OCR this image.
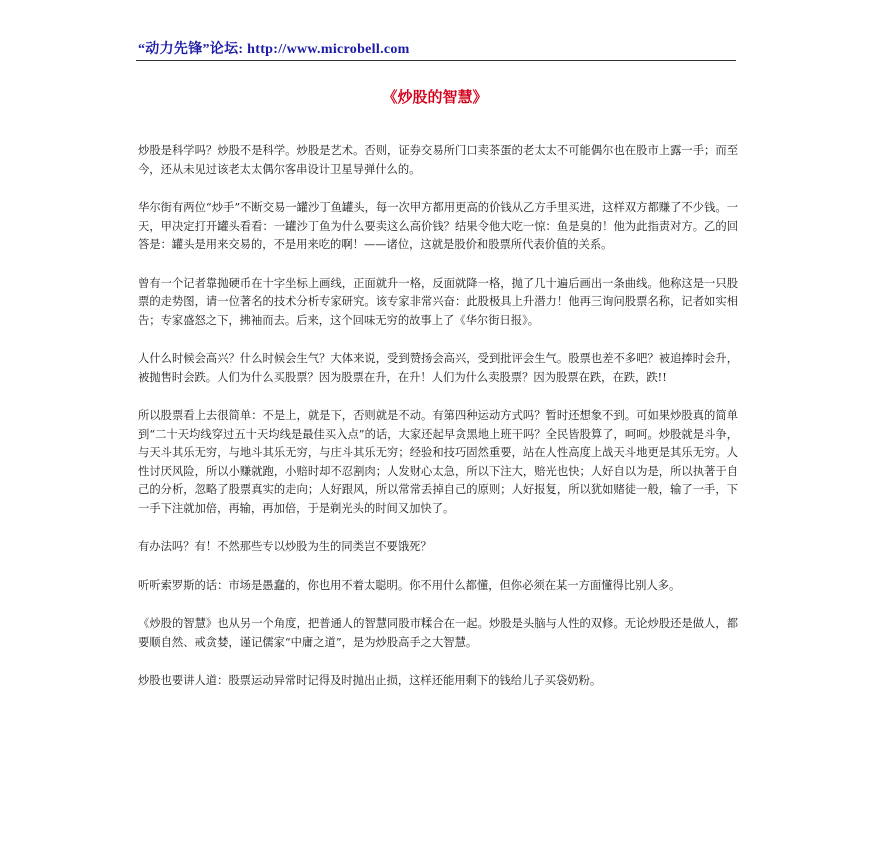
“动力先锋”论坛: http://www.microbell.com
《炒股的智慧》

炒股是科学吗？炒股不是科学。炒股是艺术。否则，证券交易所门口卖茶蛋的老太太不可能偶尔也在股市上露一手；而至今，还从未见过该老太太偶尔客串设计卫星导弹什么的。

华尔街有两位“炒手”不断交易一罐沙丁鱼罐头，每一次甲方都用更高的价钱从乙方手里买进，这样双方都赚了不少钱。一天，甲决定打开罐头看看：一罐沙丁鱼为什么要卖这么高价钱？结果令他大吃一惊：鱼是臭的！他为此指责对方。乙的回答是：罐头是用来交易的，不是用来吃的啊！——诸位，这就是股价和股票所代表价值的关系。

曾有一个记者靠抛硬币在十字坐标上画线，正面就升一格，反面就降一格，抛了几十遍后画出一条曲线。他称这是一只股票的走势图，请一位著名的技术分析专家研究。该专家非常兴奋：此股极具上升潜力！他再三询问股票名称，记者如实相告；专家盛怒之下，拂袖而去。后来，这个回味无穷的故事上了《华尔街日报》。

人什么时候会高兴？什么时候会生气？大体来说，受到赞扬会高兴，受到批评会生气。股票也差不多吧？被追捧时会升，被抛售时会跌。人们为什么买股票？因为股票在升，在升！人们为什么卖股票？因为股票在跌，在跌，跌!!

所以股票看上去很简单：不是上，就是下，否则就是不动。有第四种运动方式吗？暂时还想象不到。可如果炒股真的简单到“二十天均线穿过五十天均线是最佳买入点”的话，大家还起早贪黑地上班干吗？全民皆股算了，呵呵。炒股就是斗争，与天斗其乐无穷，与地斗其乐无穷，与庄斗其乐无穷；经验和技巧固然重要，站在人性高度上战天斗地更是其乐无穷。人性讨厌风险，所以小赚就跑，小赔时却不忍割肉；人发财心太急，所以下注大，赔光也快；人好自以为是，所以执著于自己的分析，忽略了股票真实的走向；人好跟风，所以常常丢掉自己的原则；人好报复，所以犹如赌徒一般，输了一手，下一手下注就加倍，再输，再加倍，于是剃光头的时间又加快了。

有办法吗？有！不然那些专以炒股为生的同类岂不要饿死？

听听索罗斯的话：市场是愚蠢的，你也用不着太聪明。你不用什么都懂，但你必须在某一方面懂得比别人多。

《炒股的智慧》也从另一个角度，把普通人的智慧同股市糅合在一起。炒股是头脑与人性的双修。无论炒股还是做人，都要顺自然、戒贪婪，谨记儒家“中庸之道”，是为炒股高手之大智慧。

炒股也要讲人道：股票运动异常时记得及时抛出止损，这样还能用剩下的钱给儿子买袋奶粉。
